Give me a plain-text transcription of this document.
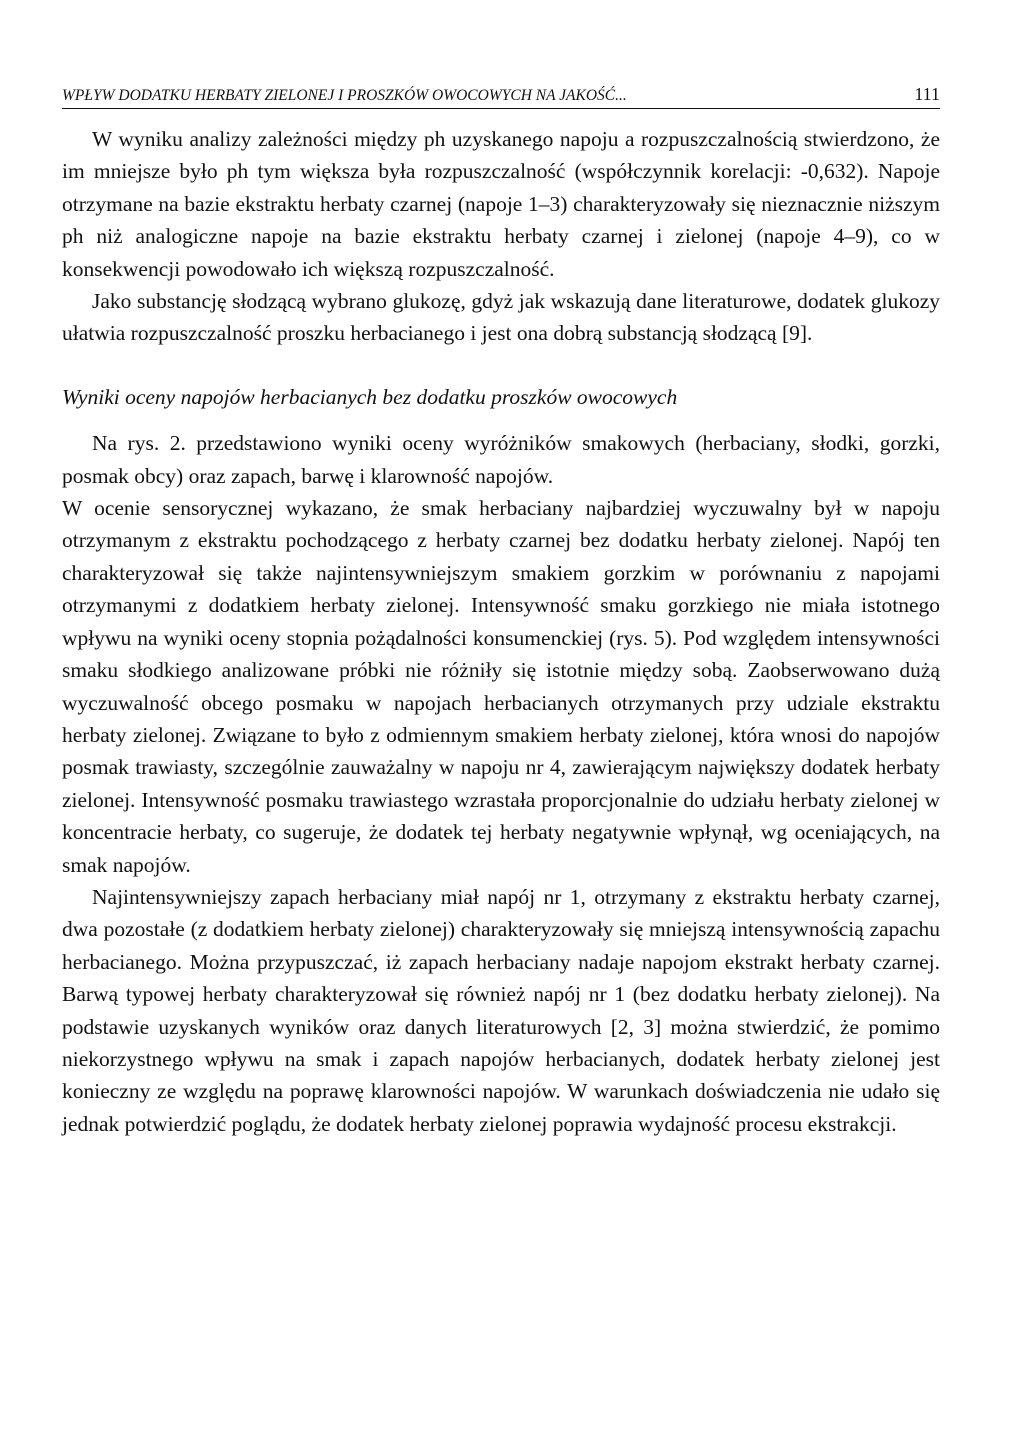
WPŁYW DODATKU HERBATY ZIELONEJ I PROSZKÓW OWOCOWYCH NA JAKOŚĆ...	111

W wyniku analizy zależności między ph uzyskanego napoju a rozpuszczalnością stwierdzono, że im mniejsze było ph tym większa była rozpuszczalność (współczynnik korelacji: -0,632). Napoje otrzymane na bazie ekstraktu herbaty czarnej (napoje 1–3) charakteryzowały się nieznacznie niższym ph niż analogiczne napoje na bazie ekstraktu herbaty czarnej i zielonej (napoje 4–9), co w konsekwencji powodowało ich większą rozpuszczalność.

Jako substancję słodzącą wybrano glukozę, gdyż jak wskazują dane literaturowe, dodatek glukozy ułatwia rozpuszczalność proszku herbacianego i jest ona dobrą substancją słodzącą [9].

Wyniki oceny napojów herbacianych bez dodatku proszków owocowych

Na rys. 2. przedstawiono wyniki oceny wyróżników smakowych (herbaciany, słodki, gorzki, posmak obcy) oraz zapach, barwę i klarowność napojów.

W ocenie sensorycznej wykazano, że smak herbaciany najbardziej wyczuwalny był w napoju otrzymanym z ekstraktu pochodzącego z herbaty czarnej bez dodatku herbaty zielonej. Napój ten charakteryzował się także najintensywniejszym smakiem gorzkim w porównaniu z napojami otrzymanymi z dodatkiem herbaty zielonej. Intensywność smaku gorzkiego nie miała istotnego wpływu na wyniki oceny stopnia pożądalności konsumenckiej (rys. 5). Pod względem intensywności smaku słodkiego analizowane próbki nie różniły się istotnie między sobą. Zaobserwowano dużą wyczuwalność obcego posmaku w napojach herbacianych otrzymanych przy udziale ekstraktu herbaty zielonej. Związane to było z odmiennym smakiem herbaty zielonej, która wnosi do napojów posmak trawiasty, szczególnie zauważalny w napoju nr 4, zawierającym największy dodatek herbaty zielonej. Intensywność posmaku trawiastego wzrastała proporcjonalnie do udziału herbaty zielonej w koncentracie herbaty, co sugeruje, że dodatek tej herbaty negatywnie wpłynął, wg oceniających, na smak napojów.

Najintensywniejszy zapach herbaciany miał napój nr 1, otrzymany z ekstraktu herbaty czarnej, dwa pozostałe (z dodatkiem herbaty zielonej) charakteryzowały się mniejszą intensywnością zapachu herbacianego. Można przypuszczać, iż zapach herbaciany nadaje napojom ekstrakt herbaty czarnej. Barwą typowej herbaty charakteryzował się również napój nr 1 (bez dodatku herbaty zielonej). Na podstawie uzyskanych wyników oraz danych literaturowych [2, 3] można stwierdzić, że pomimo niekorzystnego wpływu na smak i zapach napojów herbacianych, dodatek herbaty zielonej jest konieczny ze względu na poprawę klarowności napojów. W warunkach doświadczenia nie udało się jednak potwierdzić poglądu, że dodatek herbaty zielonej poprawia wydajność procesu ekstrakcji.
